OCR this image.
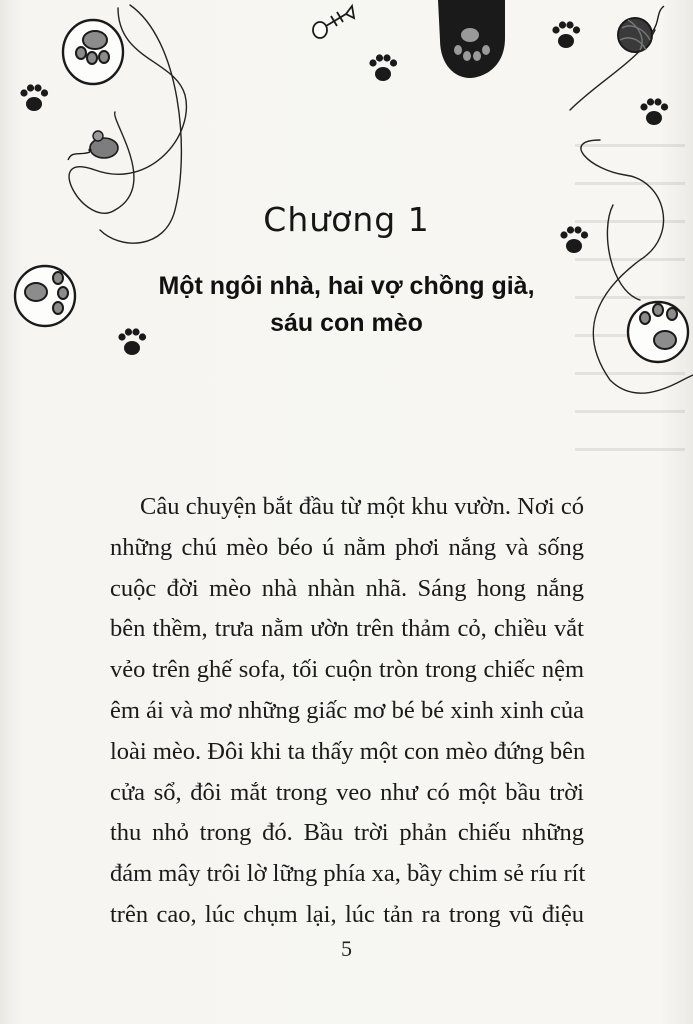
Chương 1
Một ngôi nhà, hai vợ chồng già,
sáu con mèo
Câu chuyện bắt đầu từ một khu vườn. Nơi có
những chú mèo béo ú nằm phơi nắng và sống
cuộc đời mèo nhà nhàn nhã. Sáng hong nắng
bên thềm, trưa nằm ườn trên thảm cỏ, chiều vắt
vẻo trên ghế sofa, tối cuộn tròn trong chiếc nệm
êm ái và mơ những giấc mơ bé bé xinh xinh của
loài mèo. Đôi khi ta thấy một con mèo đứng bên
cửa sổ, đôi mắt trong veo như có một bầu trời
thu nhỏ trong đó. Bầu trời phản chiếu những
đám mây trôi lờ lững phía xa, bầy chim sẻ ríu rít
trên cao, lúc chụm lại, lúc tản ra trong vũ điệu
5
